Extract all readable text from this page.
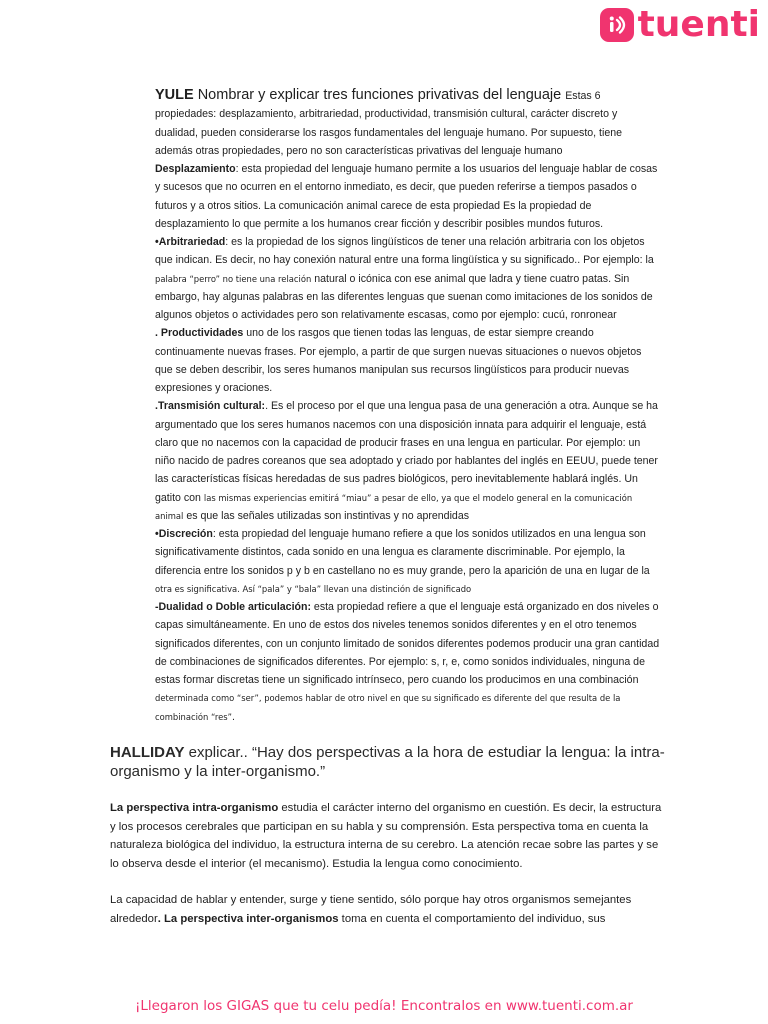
tuenti

YULE Nombrar y explicar tres funciones privativas del lenguaje Estas 6 propiedades: desplazamiento, arbitrariedad, productividad, transmisión cultural, carácter discreto y dualidad, pueden considerarse los rasgos fundamentales del lenguaje humano. Por supuesto, tiene además otras propiedades, pero no son características privativas del lenguaje humano

Desplazamiento: esta propiedad del lenguaje humano permite a los usuarios del lenguaje hablar de cosas y sucesos que no ocurren en el entorno inmediato, es decir, que pueden referirse a tiempos pasados o futuros y a otros sitios. La comunicación animal carece de esta propiedad Es la propiedad de desplazamiento lo que permite a los humanos crear ficción y describir posibles mundos futuros.

•Arbitrariedad: es la propiedad de los signos lingüísticos de tener una relación arbitraria con los objetos que indican. Es decir, no hay conexión natural entre una forma lingüística y su significado.. Por ejemplo: la palabra “perro” no tiene una relación natural o icónica con ese animal que ladra y tiene cuatro patas. Sin embargo, hay algunas palabras en las diferentes lenguas que suenan como imitaciones de los sonidos de algunos objetos o actividades pero son relativamente escasas, como por ejemplo: cucú, ronronear

. Productividades uno de los rasgos que tienen todas las lenguas, de estar siempre creando continuamente nuevas frases. Por ejemplo, a partir de que surgen nuevas situaciones o nuevos objetos que se deben describir, los seres humanos manipulan sus recursos lingüísticos para producir nuevas expresiones y oraciones.

.Transmisión cultural:. Es el proceso por el que una lengua pasa de una generación a otra. Aunque se ha argumentado que los seres humanos nacemos con una disposición innata para adquirir el lenguaje, está claro que no nacemos con la capacidad de producir frases en una lengua en particular. Por ejemplo: un niño nacido de padres coreanos que sea adoptado y criado por hablantes del inglés en EEUU, puede tener las características físicas heredadas de sus padres biológicos, pero inevitablemente hablará inglés. Un gatito con las mismas experiencias emitirá “miau” a pesar de ello, ya que el modelo general en la comunicación animal es que las señales utilizadas son instintivas y no aprendidas

•Discreción: esta propiedad del lenguaje humano refiere a que los sonidos utilizados en una lengua son significativamente distintos, cada sonido en una lengua es claramente discriminable. Por ejemplo, la diferencia entre los sonidos p y b en castellano no es muy grande, pero la aparición de una en lugar de la otra es significativa. Así “pala” y “bala” llevan una distinción de significado

-Dualidad o Doble articulación: esta propiedad refiere a que el lenguaje está organizado en dos niveles o capas simultáneamente. En uno de estos dos niveles tenemos sonidos diferentes y en el otro tenemos significados diferentes, con un conjunto limitado de sonidos diferentes podemos producir una gran cantidad de combinaciones de significados diferentes. Por ejemplo: s, r, e, como sonidos individuales, ninguna de estas formar discretas tiene un significado intrínseco, pero cuando los producimos en una combinación determinada como “ser”, podemos hablar de otro nivel en que su significado es diferente del que resulta de la combinación “res”.

HALLIDAY explicar.. “Hay dos perspectivas a la hora de estudiar la lengua: la intra-organismo y la inter-organismo.”

La perspectiva intra-organismo estudia el carácter interno del organismo en cuestión. Es decir, la estructura y los procesos cerebrales que participan en su habla y su comprensión. Esta perspectiva toma en cuenta la naturaleza biológica del individuo, la estructura interna de su cerebro. La atención recae sobre las partes y se lo observa desde el interior (el mecanismo). Estudia la lengua como conocimiento.

La capacidad de hablar y entender, surge y tiene sentido, sólo porque hay otros organismos semejantes alrededor. La perspectiva inter-organismos toma en cuenta el comportamiento del individuo, sus

¡Llegaron los GIGAS que tu celu pedía! Encontralos en www.tuenti.com.ar
